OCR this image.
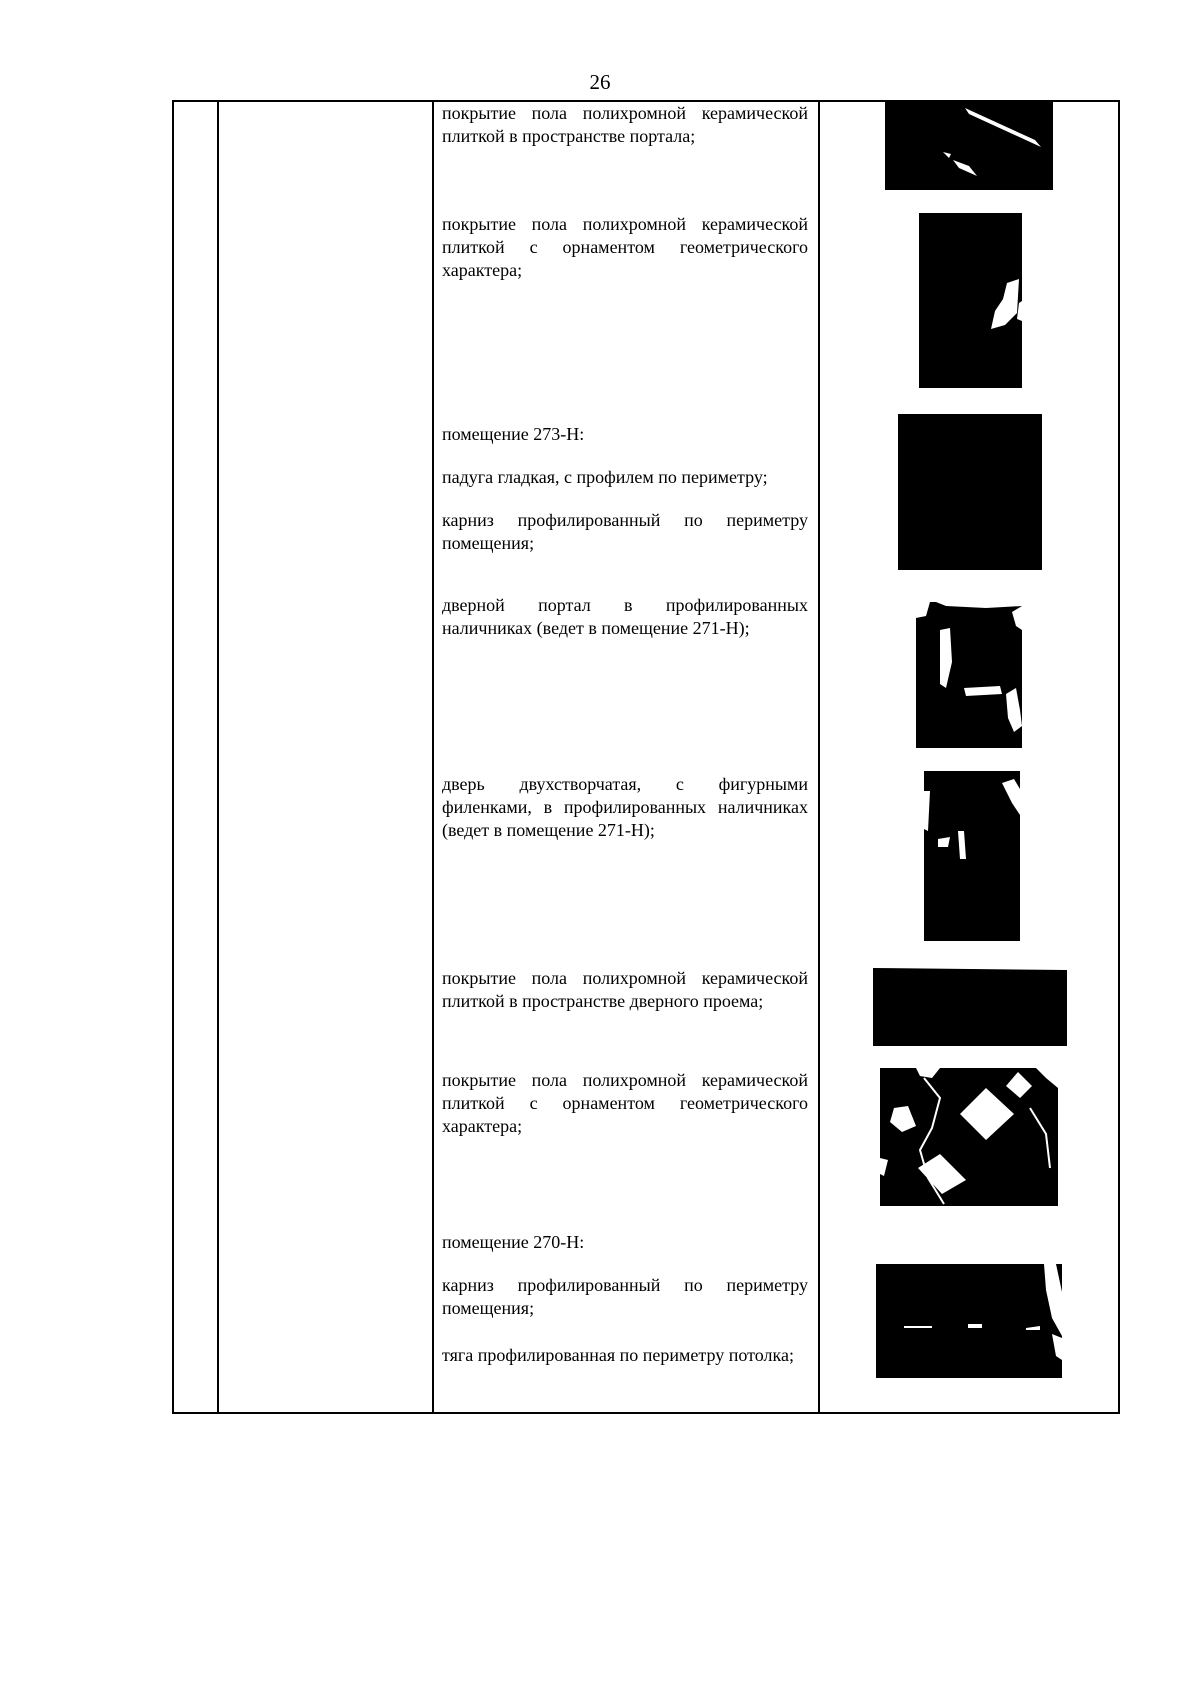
26
покрытие пола полихромной керамической плиткой в пространстве портала;
покрытие пола полихромной керамической плиткой с орнаментом геометрического характера;
помещение 273-Н:
падуга гладкая, с профилем по периметру;
карниз профилированный по периметру помещения;
дверной портал в профилированных наличниках (ведет в помещение 271-Н);
дверь двухстворчатая, с фигурными филенками, в профилированных наличниках (ведет в помещение 271-Н);
покрытие пола полихромной керамической плиткой в пространстве дверного проема;
покрытие пола полихромной керамической плиткой с орнаментом геометрического характера;
помещение 270-Н:
карниз профилированный по периметру помещения;
тяга профилированная по периметру потолка;
